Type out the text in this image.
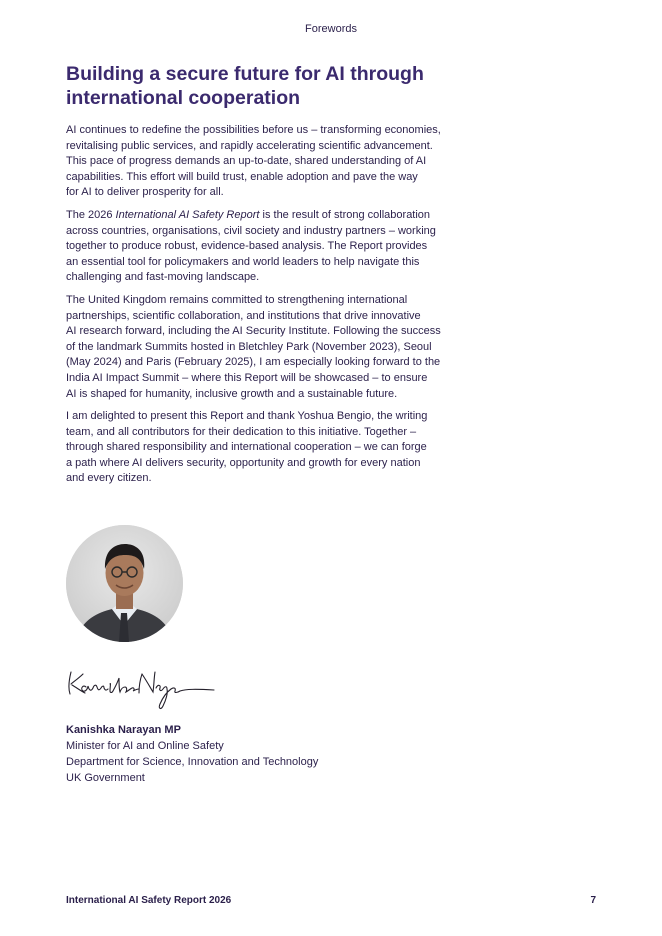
Forewords
Building a secure future for AI through
international cooperation

AI continues to redefine the possibilities before us – transforming economies,
revitalising public services, and rapidly accelerating scientific advancement.
This pace of progress demands an up-to-date, shared understanding of AI
capabilities. This effort will build trust, enable adoption and pave the way
for AI to deliver prosperity for all.

The 2026 International AI Safety Report is the result of strong collaboration
across countries, organisations, civil society and industry partners – working
together to produce robust, evidence-based analysis. The Report provides
an essential tool for policymakers and world leaders to help navigate this
challenging and fast-moving landscape.

The United Kingdom remains committed to strengthening international
partnerships, scientific collaboration, and institutions that drive innovative
AI research forward, including the AI Security Institute. Following the success
of the landmark Summits hosted in Bletchley Park (November 2023), Seoul
(May 2024) and Paris (February 2025), I am especially looking forward to the
India AI Impact Summit – where this Report will be showcased – to ensure
AI is shaped for humanity, inclusive growth and a sustainable future.

I am delighted to present this Report and thank Yoshua Bengio, the writing
team, and all contributors for their dedication to this initiative. Together –
through shared responsibility and international cooperation – we can forge
a path where AI delivers security, opportunity and growth for every nation
and every citizen.

Kanishka Narayan MP
Minister for AI and Online Safety
Department for Science, Innovation and Technology
UK Government
International AI Safety Report 2026	7
